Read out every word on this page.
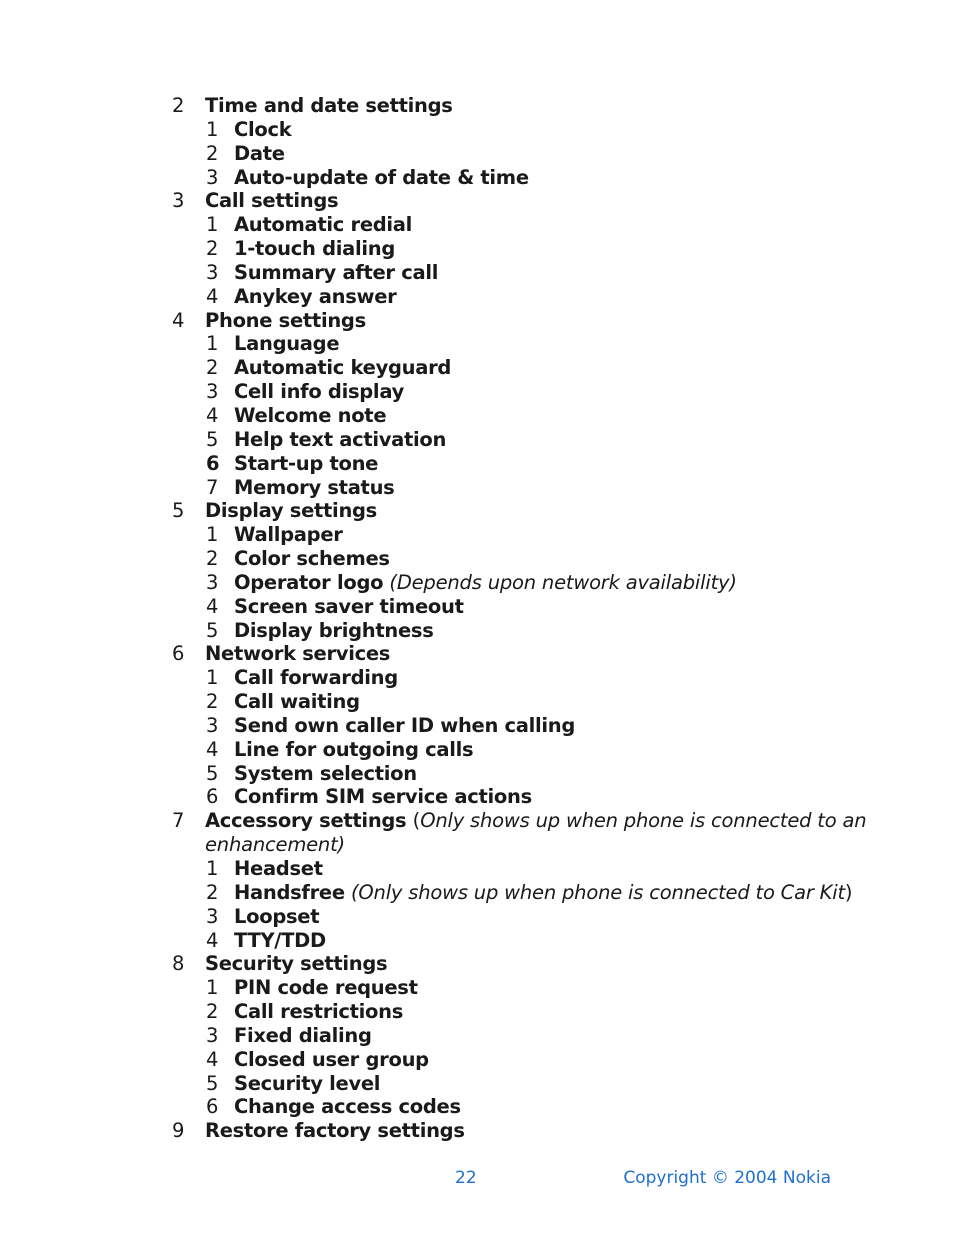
2 Time and date settings
1 Clock
2 Date
3 Auto-update of date & time
3 Call settings
1 Automatic redial
2 1-touch dialing
3 Summary after call
4 Anykey answer
4 Phone settings
1 Language
2 Automatic keyguard
3 Cell info display
4 Welcome note
5 Help text activation
6 Start-up tone
7 Memory status
5 Display settings
1 Wallpaper
2 Color schemes
3 Operator logo (Depends upon network availability)
4 Screen saver timeout
5 Display brightness
6 Network services
1 Call forwarding
2 Call waiting
3 Send own caller ID when calling
4 Line for outgoing calls
5 System selection
6 Confirm SIM service actions
7 Accessory settings (Only shows up when phone is connected to an
enhancement)
1 Headset
2 Handsfree (Only shows up when phone is connected to Car Kit)
3 Loopset
4 TTY/TDD
8 Security settings
1 PIN code request
2 Call restrictions
3 Fixed dialing
4 Closed user group
5 Security level
6 Change access codes
9 Restore factory settings
22	Copyright © 2004 Nokia
